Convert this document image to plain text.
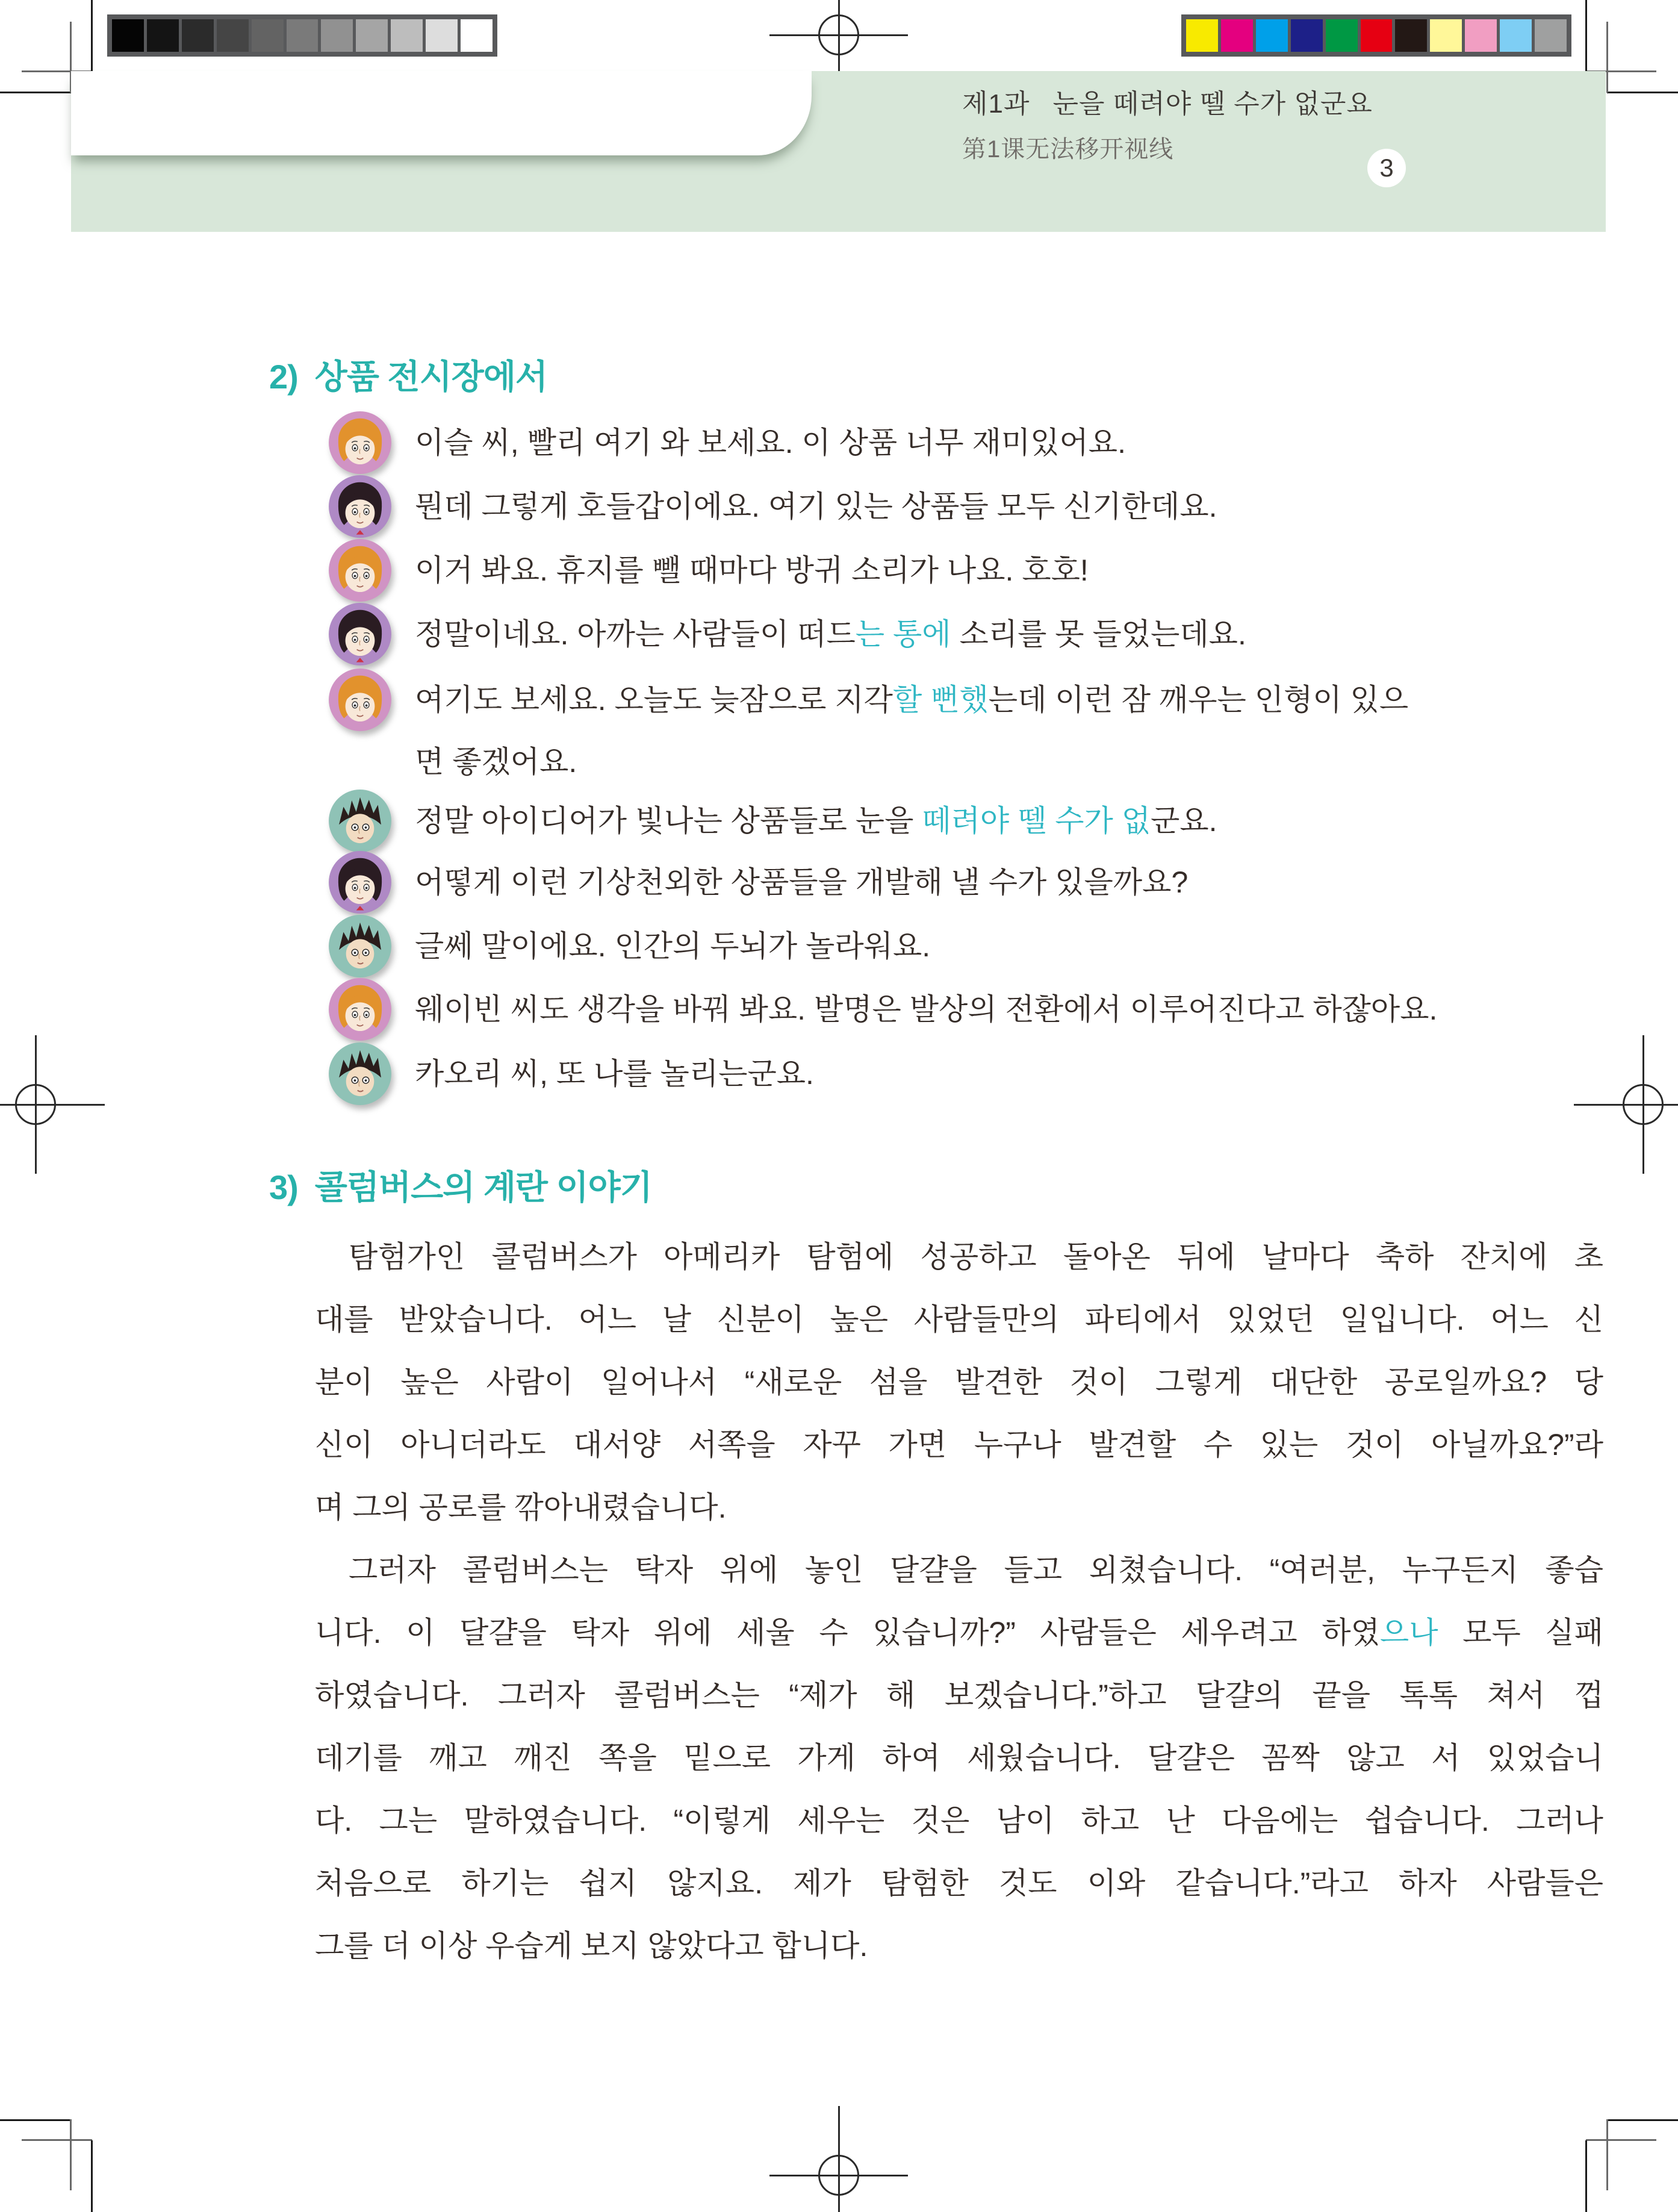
제1과 눈을 떼려야 뗄 수가 없군요
第1课无法移开视线
3
2) 상품 전시장에서
이슬 씨, 빨리 여기 와 보세요. 이 상품 너무 재미있어요.
뭔데 그렇게 호들갑이에요. 여기 있는 상품들 모두 신기한데요.
이거 봐요. 휴지를 뺄 때마다 방귀 소리가 나요. 호호!
정말이네요. 아까는 사람들이 떠드는 통에 소리를 못 들었는데요.
여기도 보세요. 오늘도 늦잠으로 지각할 뻔했는데 이런 잠 깨우는 인형이 있으
면 좋겠어요.
정말 아이디어가 빛나는 상품들로 눈을 떼려야 뗄 수가 없군요.
어떻게 이런 기상천외한 상품들을 개발해 낼 수가 있을까요?
글쎄 말이에요. 인간의 두뇌가 놀라워요.
웨이빈 씨도 생각을 바꿔 봐요. 발명은 발상의 전환에서 이루어진다고 하잖아요.
카오리 씨, 또 나를 놀리는군요.
3) 콜럼버스의 계란 이야기
탐험가인 콜럼버스가 아메리카 탐험에 성공하고 돌아온 뒤에 날마다 축하 잔치에 초
대를 받았습니다. 어느 날 신분이 높은 사람들만의 파티에서 있었던 일입니다. 어느 신
분이 높은 사람이 일어나서 “새로운 섬을 발견한 것이 그렇게 대단한 공로일까요? 당
신이 아니더라도 대서양 서쪽을 자꾸 가면 누구나 발견할 수 있는 것이 아닐까요?”라
며 그의 공로를 깎아내렸습니다.
그러자 콜럼버스는 탁자 위에 놓인 달걀을 들고 외쳤습니다. “여러분, 누구든지 좋습
니다. 이 달걀을 탁자 위에 세울 수 있습니까?” 사람들은 세우려고 하였으나 모두 실패
하였습니다. 그러자 콜럼버스는 “제가 해 보겠습니다.”하고 달걀의 끝을 톡톡 쳐서 껍
데기를 깨고 깨진 쪽을 밑으로 가게 하여 세웠습니다. 달걀은 꼼짝 않고 서 있었습니
다. 그는 말하였습니다. “이렇게 세우는 것은 남이 하고 난 다음에는 쉽습니다. 그러나
처음으로 하기는 쉽지 않지요. 제가 탐험한 것도 이와 같습니다.”라고 하자 사람들은
그를 더 이상 우습게 보지 않았다고 합니다.
